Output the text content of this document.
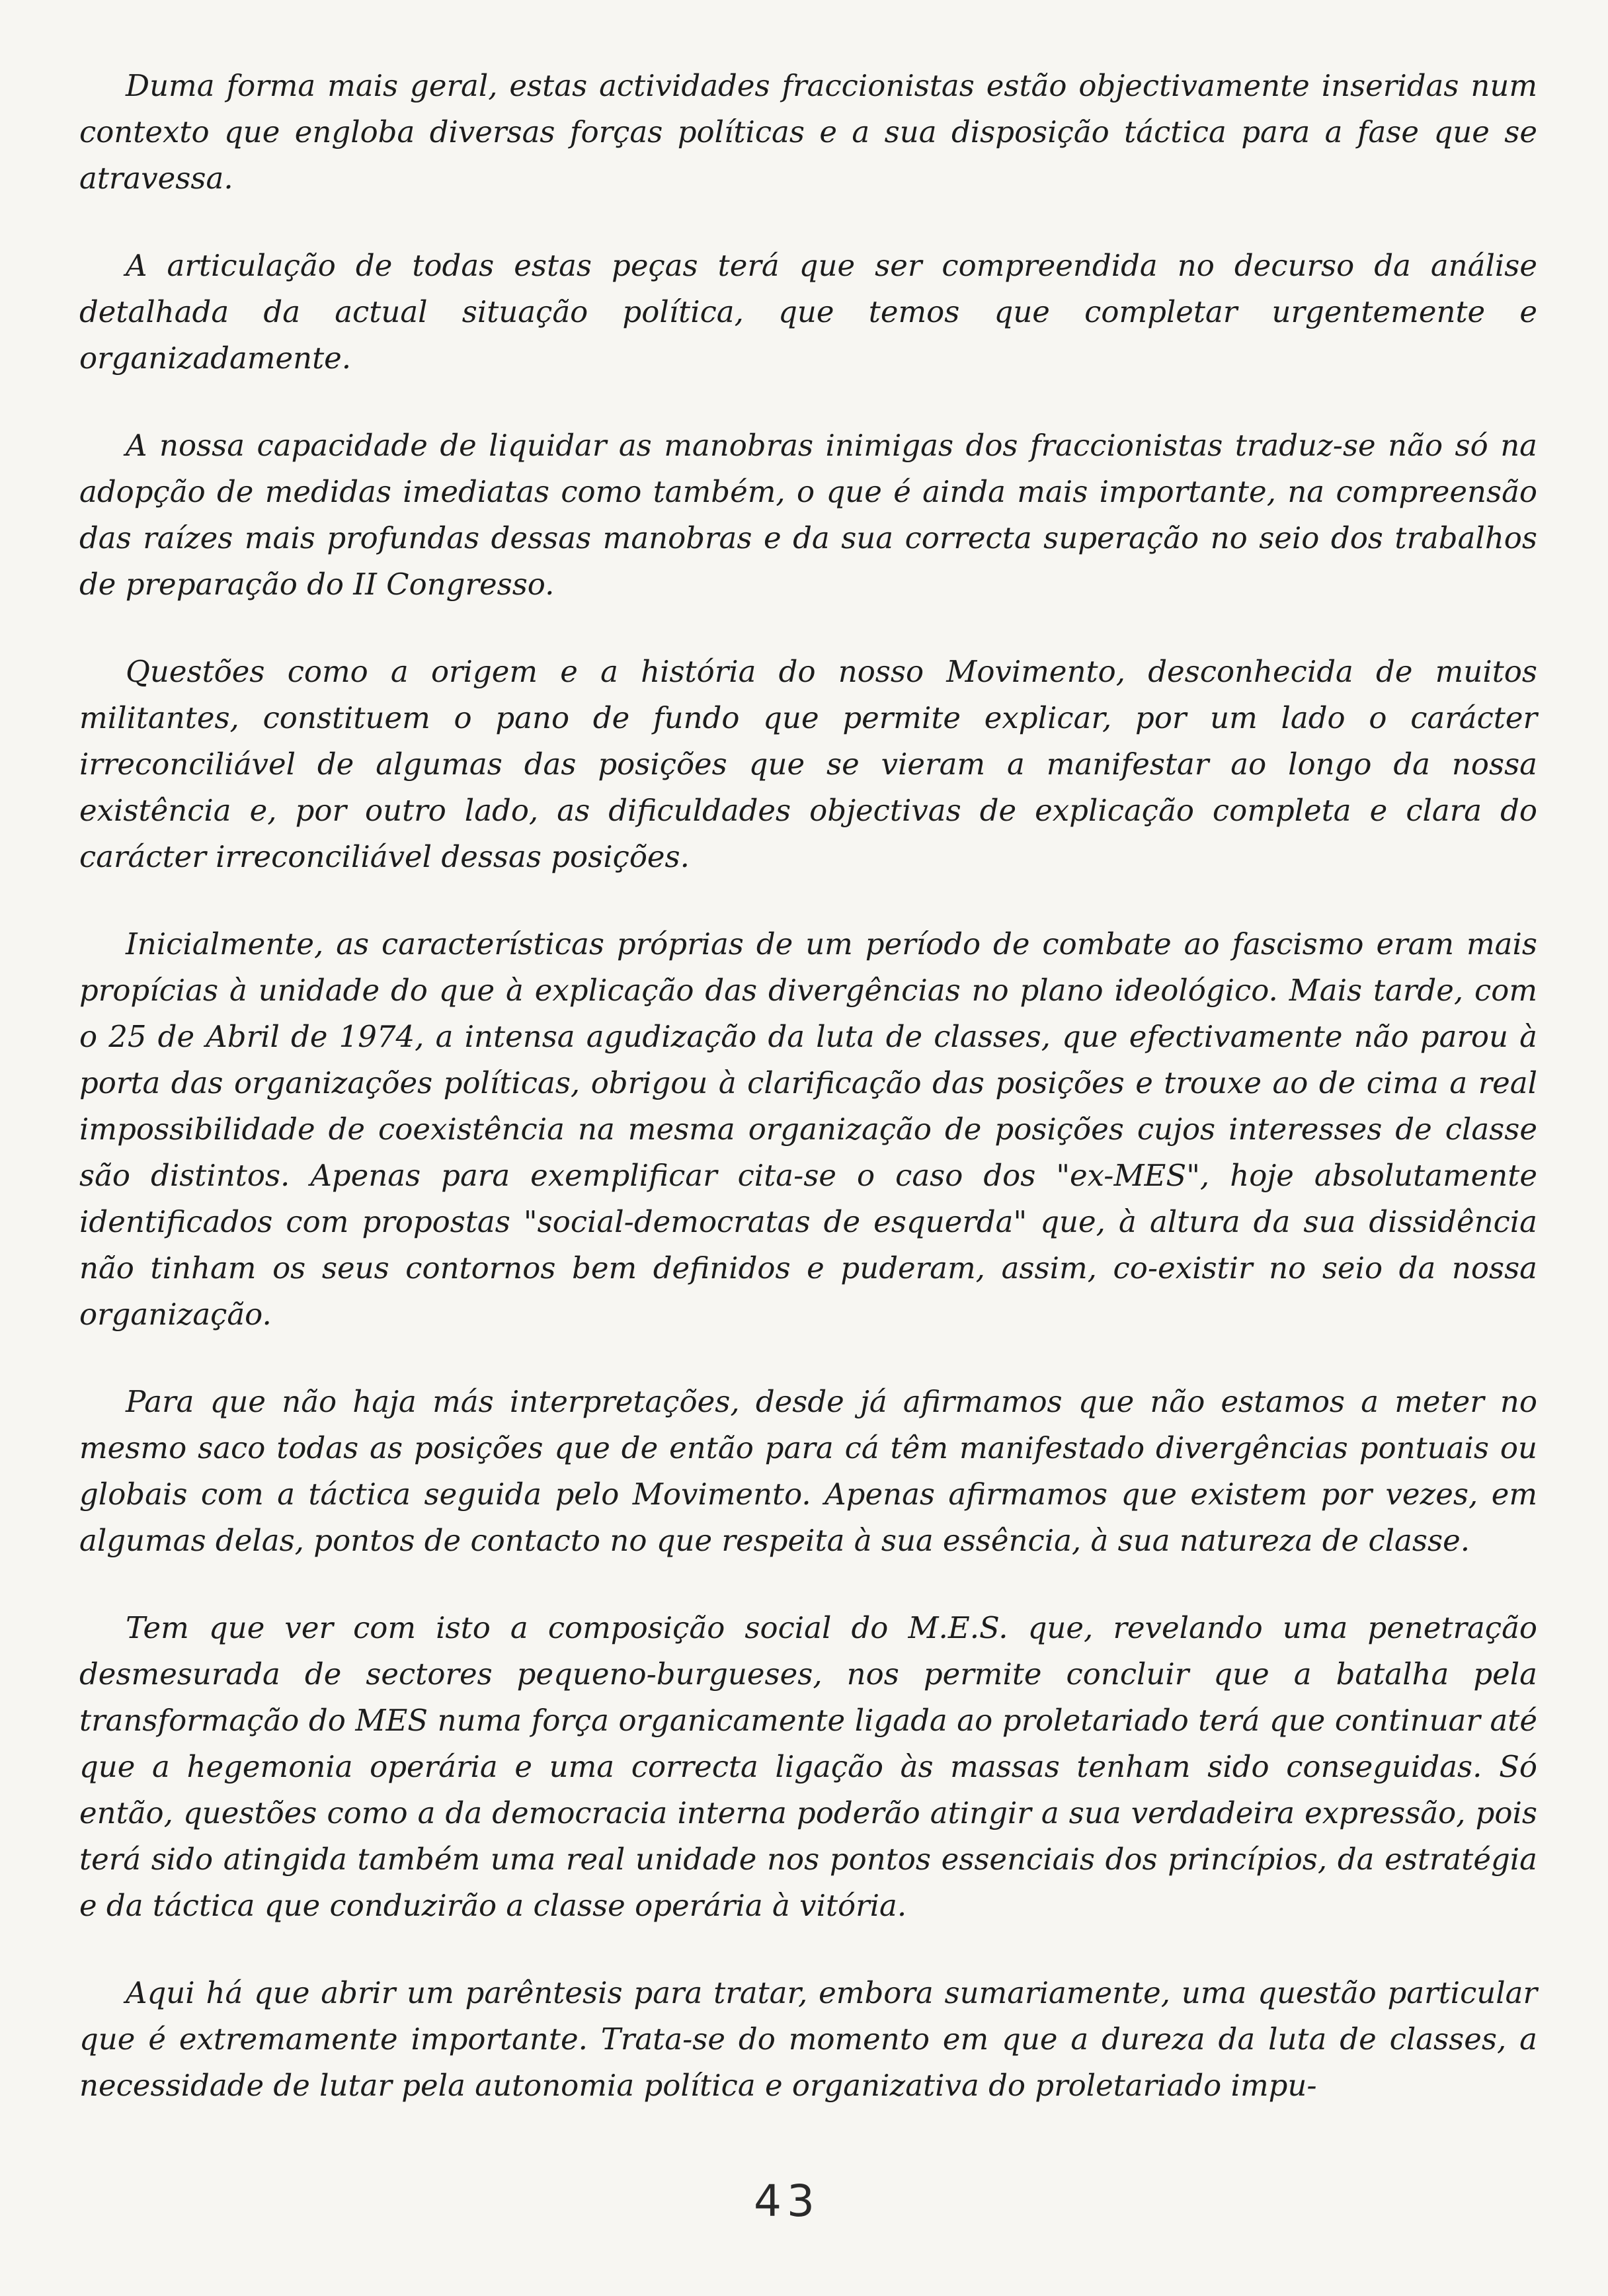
Duma forma mais geral, estas actividades fraccionistas estão objectivamente inseridas num contexto que engloba diversas forças políticas e a sua disposição táctica para a fase que se atravessa.

A articulação de todas estas peças terá que ser compreendida no decurso da análise detalhada da actual situação política, que temos que completar urgentemente e organizadamente.

A nossa capacidade de liquidar as manobras inimigas dos fraccionistas traduz-se não só na adopção de medidas imediatas como também, o que é ainda mais importante, na compreensão das raízes mais profundas dessas manobras e da sua correcta superação no seio dos trabalhos de preparação do II Congresso.

Questões como a origem e a história do nosso Movimento, desconhecida de muitos militantes, constituem o pano de fundo que permite explicar, por um lado o carácter irreconciliável de algumas das posições que se vieram a manifestar ao longo da nossa existência e, por outro lado, as dificuldades objectivas de explicação completa e clara do carácter irreconciliável dessas posições.

Inicialmente, as características próprias de um período de combate ao fascismo eram mais propícias à unidade do que à explicação das divergências no plano ideológico. Mais tarde, com o 25 de Abril de 1974, a intensa agudização da luta de classes, que efectivamente não parou à porta das organizações políticas, obrigou à clarificação das posições e trouxe ao de cima a real impossibilidade de coexistência na mesma organização de posições cujos interesses de classe são distintos. Apenas para exemplificar cita-se o caso dos "ex-MES", hoje absolutamente identificados com propostas "social-democratas de esquerda" que, à altura da sua dissidência não tinham os seus contornos bem definidos e puderam, assim, co-existir no seio da nossa organização.

Para que não haja más interpretações, desde já afirmamos que não estamos a meter no mesmo saco todas as posições que de então para cá têm manifestado divergências pontuais ou globais com a táctica seguida pelo Movimento. Apenas afirmamos que existem por vezes, em algumas delas, pontos de contacto no que respeita à sua essência, à sua natureza de classe.

Tem que ver com isto a composição social do M.E.S. que, revelando uma penetração desmesurada de sectores pequeno-burgueses, nos permite concluir que a batalha pela transformação do MES numa força organicamente ligada ao proletariado terá que continuar até que a hegemonia operária e uma correcta ligação às massas tenham sido conseguidas. Só então, questões como a da democracia interna poderão atingir a sua verdadeira expressão, pois terá sido atingida também uma real unidade nos pontos essenciais dos princípios, da estratégia e da táctica que conduzirão a classe operária à vitória.

Aqui há que abrir um parêntesis para tratar, embora sumariamente, uma questão particular que é extremamente importante. Trata-se do momento em que a dureza da luta de classes, a necessidade de lutar pela autonomia política e organizativa do proletariado impu-

43
